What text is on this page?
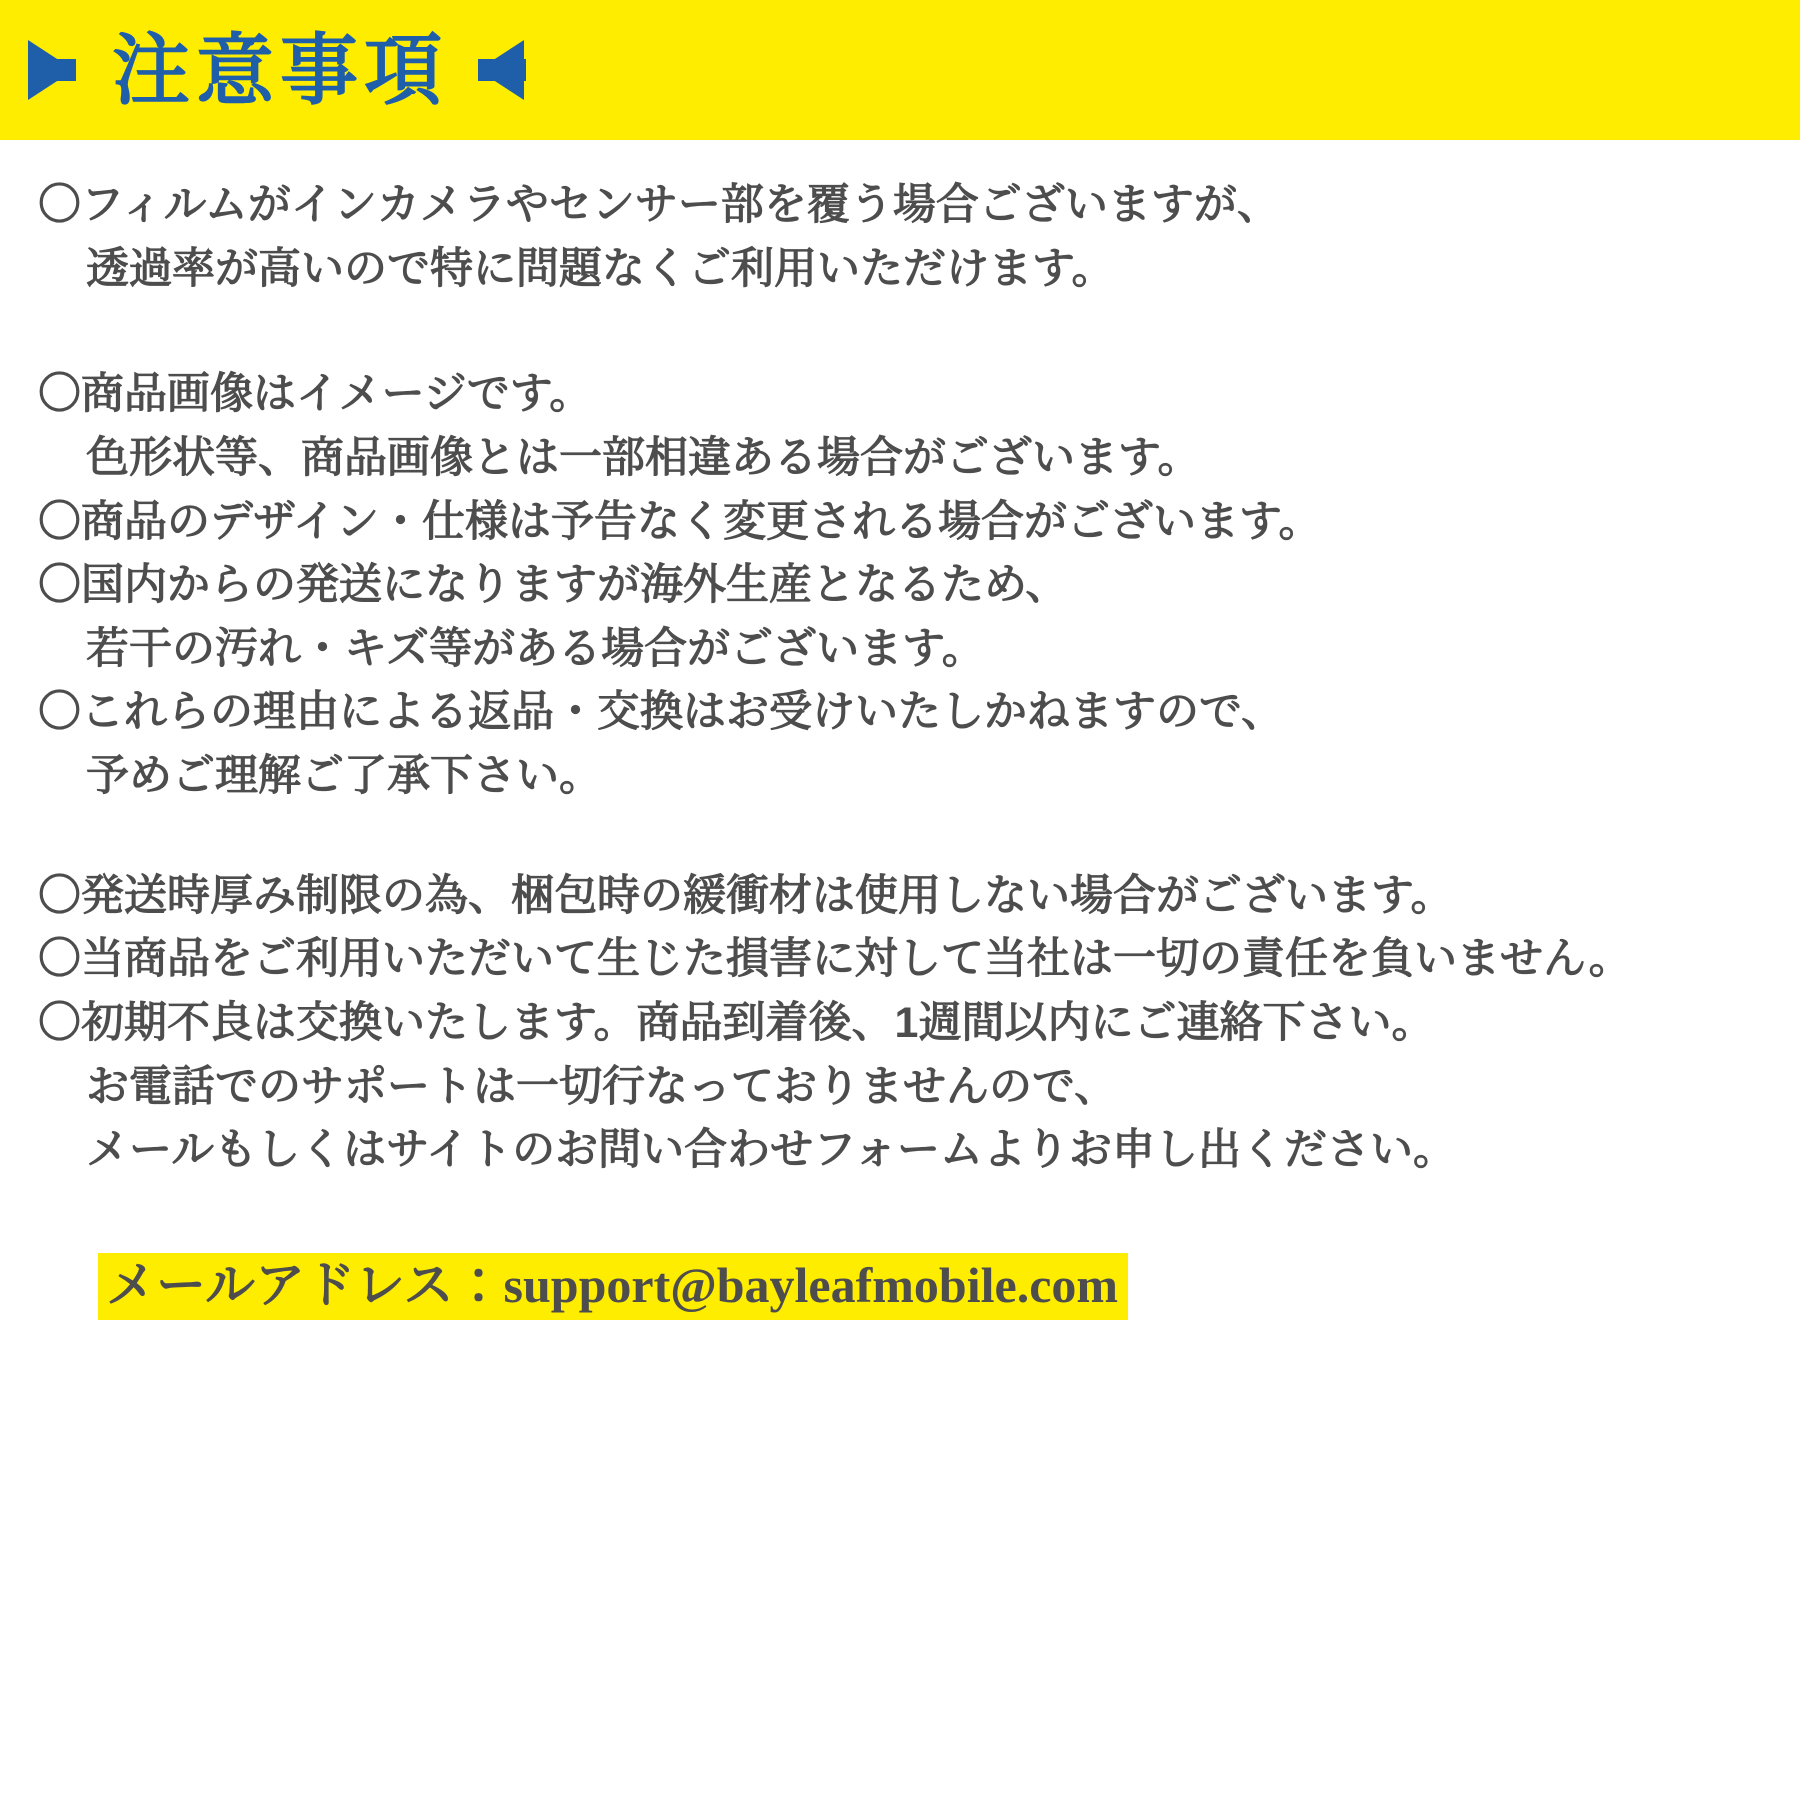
注意事項
〇フィルムがインカメラやセンサー部を覆う場合ございますが、
透過率が高いので特に問題なくご利用いただけます。
〇商品画像はイメージです。
色形状等、商品画像とは一部相違ある場合がございます。
〇商品のデザイン・仕様は予告なく変更される場合がございます。
〇国内からの発送になりますが海外生産となるため、
若干の汚れ・キズ等がある場合がございます。
〇これらの理由による返品・交換はお受けいたしかねますので、
予めご理解ご了承下さい。
〇発送時厚み制限の為、梱包時の緩衝材は使用しない場合がございます。
〇当商品をご利用いただいて生じた損害に対して当社は一切の責任を負いません。
〇初期不良は交換いたします。商品到着後、1週間以内にご連絡下さい。
お電話でのサポートは一切行なっておりませんので、
メールもしくはサイトのお問い合わせフォームよりお申し出ください。
メールアドレス：support@bayleafmobile.com
